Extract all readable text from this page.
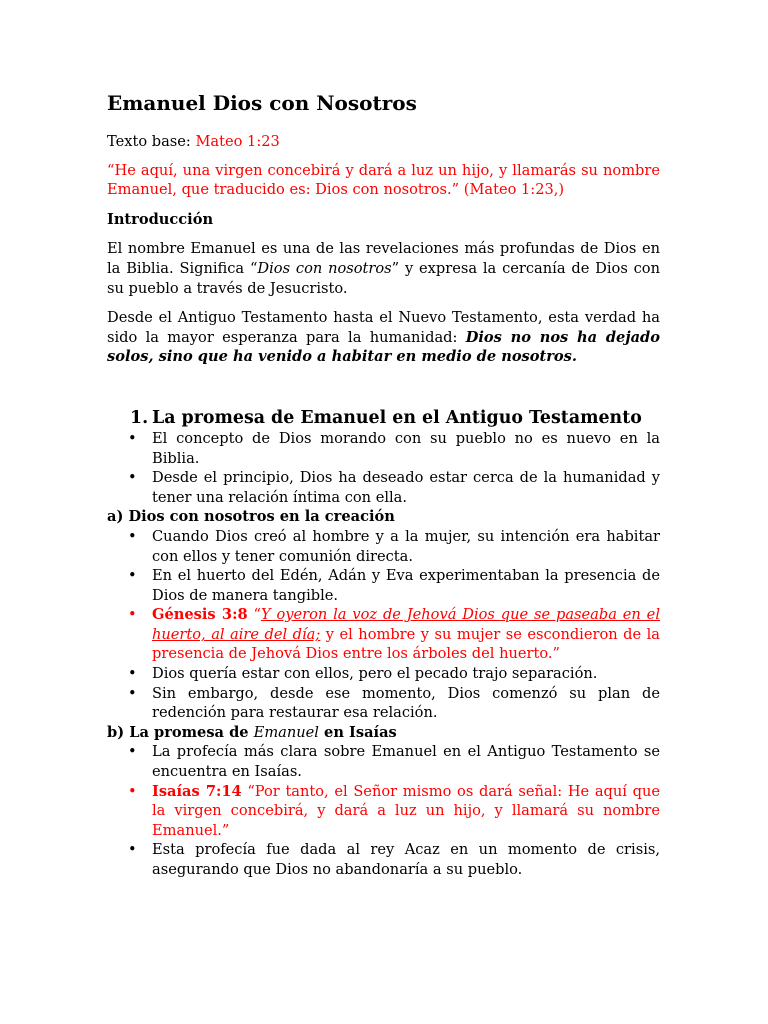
Emanuel Dios con Nosotros

Texto base: Mateo 1:23

“He aquí, una virgen concebirá y dará a luz un hijo, y llamarás su nombre Emanuel, que traducido es: Dios con nosotros.” (Mateo 1:23,)

Introducción

El nombre Emanuel es una de las revelaciones más profundas de Dios en la Biblia. Significa “Dios con nosotros” y expresa la cercanía de Dios con su pueblo a través de Jesucristo.

Desde el Antiguo Testamento hasta el Nuevo Testamento, esta verdad ha sido la mayor esperanza para la humanidad: Dios no nos ha dejado solos, sino que ha venido a habitar en medio de nosotros.

1. La promesa de Emanuel en el Antiguo Testamento
• El concepto de Dios morando con su pueblo no es nuevo en la Biblia.
• Desde el principio, Dios ha deseado estar cerca de la humanidad y tener una relación íntima con ella.
a) Dios con nosotros en la creación
• Cuando Dios creó al hombre y a la mujer, su intención era habitar con ellos y tener comunión directa.
• En el huerto del Edén, Adán y Eva experimentaban la presencia de Dios de manera tangible.
• Génesis 3:8 “Y oyeron la voz de Jehová Dios que se paseaba en el huerto, al aire del día; y el hombre y su mujer se escondieron de la presencia de Jehová Dios entre los árboles del huerto.”
• Dios quería estar con ellos, pero el pecado trajo separación.
• Sin embargo, desde ese momento, Dios comenzó su plan de redención para restaurar esa relación.
b) La promesa de Emanuel en Isaías
• La profecía más clara sobre Emanuel en el Antiguo Testamento se encuentra en Isaías.
• Isaías 7:14 “Por tanto, el Señor mismo os dará señal: He aquí que la virgen concebirá, y dará a luz un hijo, y llamará su nombre Emanuel.”
• Esta profecía fue dada al rey Acaz en un momento de crisis, asegurando que Dios no abandonaría a su pueblo.
